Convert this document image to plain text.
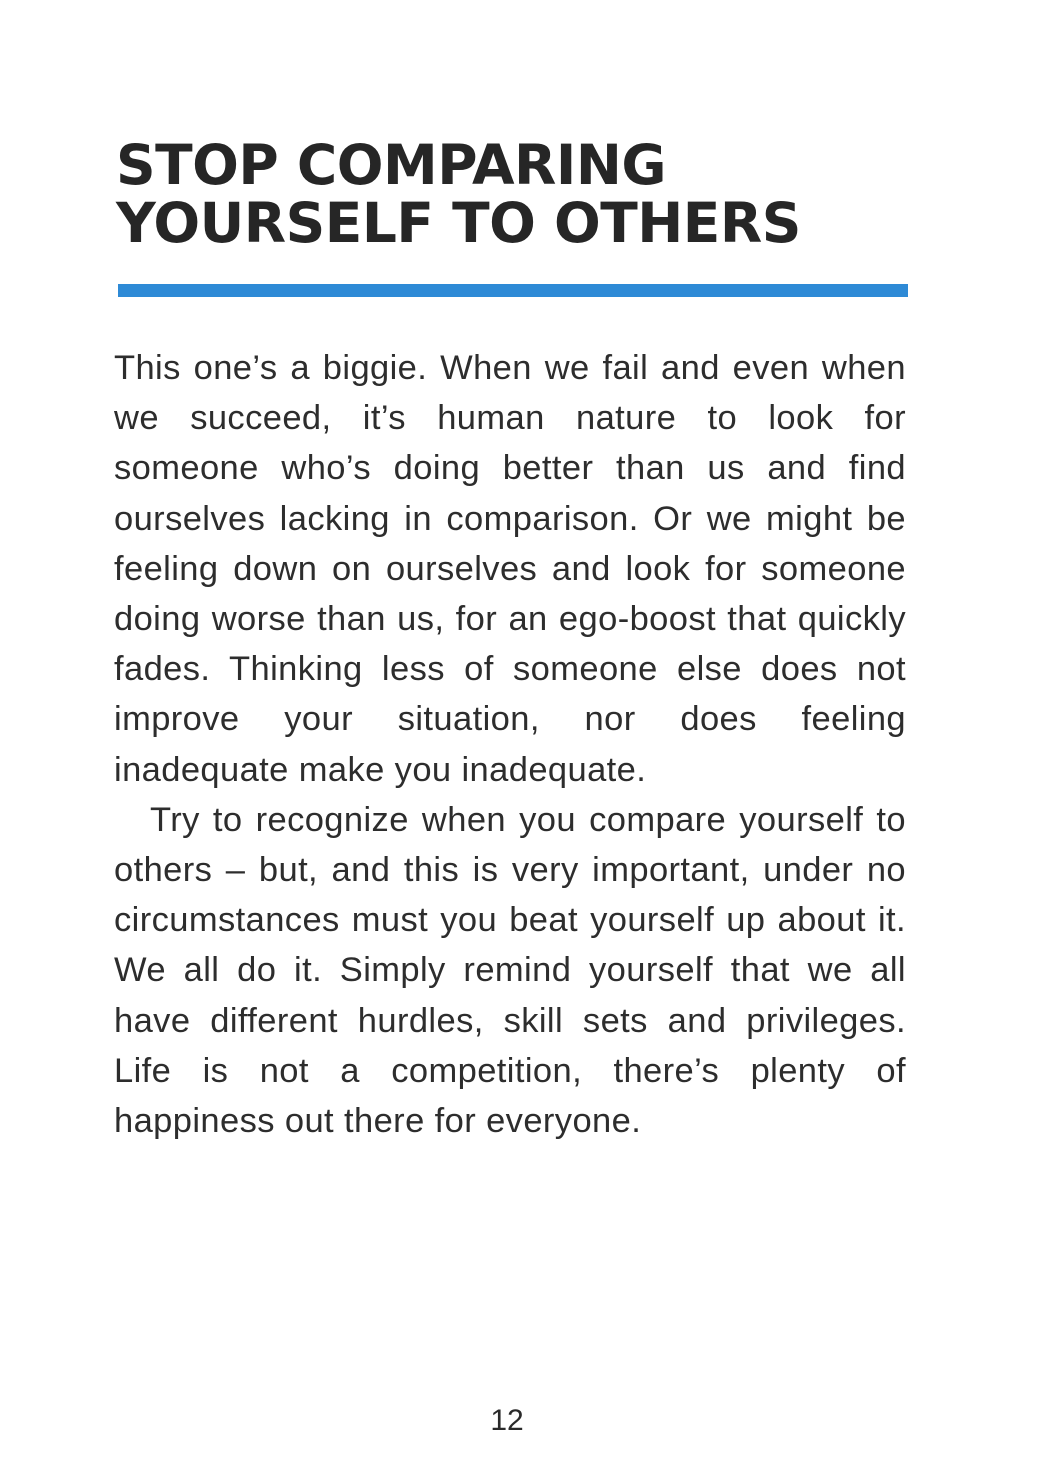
STOP COMPARING
YOURSELF TO OTHERS

This one’s a biggie. When we fail and even when we succeed, it’s human nature to look for someone who’s doing better than us and find ourselves lacking in comparison. Or we might be feeling down on ourselves and look for someone doing worse than us, for an ego-boost that quickly fades. Thinking less of someone else does not improve your situation, nor does feeling inadequate make you inadequate.

Try to recognize when you compare yourself to others – but, and this is very important, under no circumstances must you beat yourself up about it. We all do it. Simply remind yourself that we all have different hurdles, skill sets and privileges. Life is not a competition, there’s plenty of happiness out there for everyone.

12
